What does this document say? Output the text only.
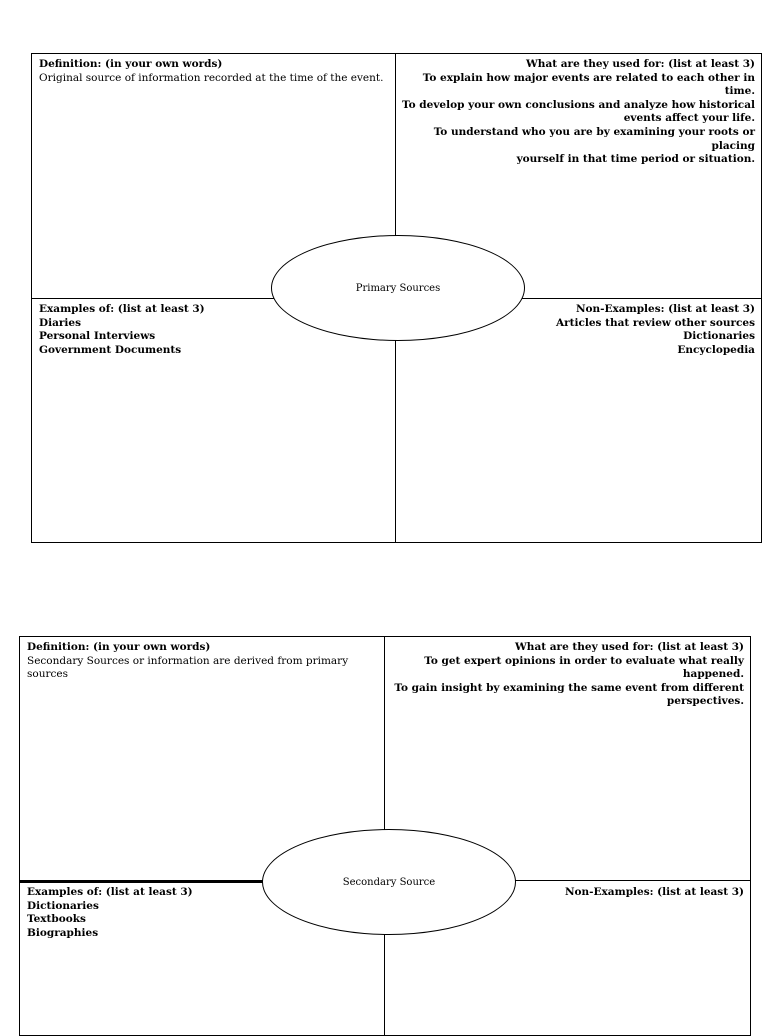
Definition: (in your own words)
Original source of information recorded at the time of the event.
What are they used for: (list at least 3)
To explain how major events are related to each other in time.
To develop your own conclusions and analyze how historical
events affect your life.
To understand who you are by examining your roots or placing
yourself in that time period or situation.
Examples of: (list at least 3)
Diaries
Personal Interviews
Government Documents
Non-Examples: (list at least 3)
Articles that review other sources
Dictionaries
Encyclopedia
Primary Sources
Definition: (in your own words)
Secondary Sources or information are derived from primary sources
What are they used for: (list at least 3)
To get expert opinions in order to evaluate what really happened.
To gain insight by examining the same event from different
perspectives.
Examples of: (list at least 3)
Dictionaries
Textbooks
Biographies
Non-Examples: (list at least 3)
Secondary Source
